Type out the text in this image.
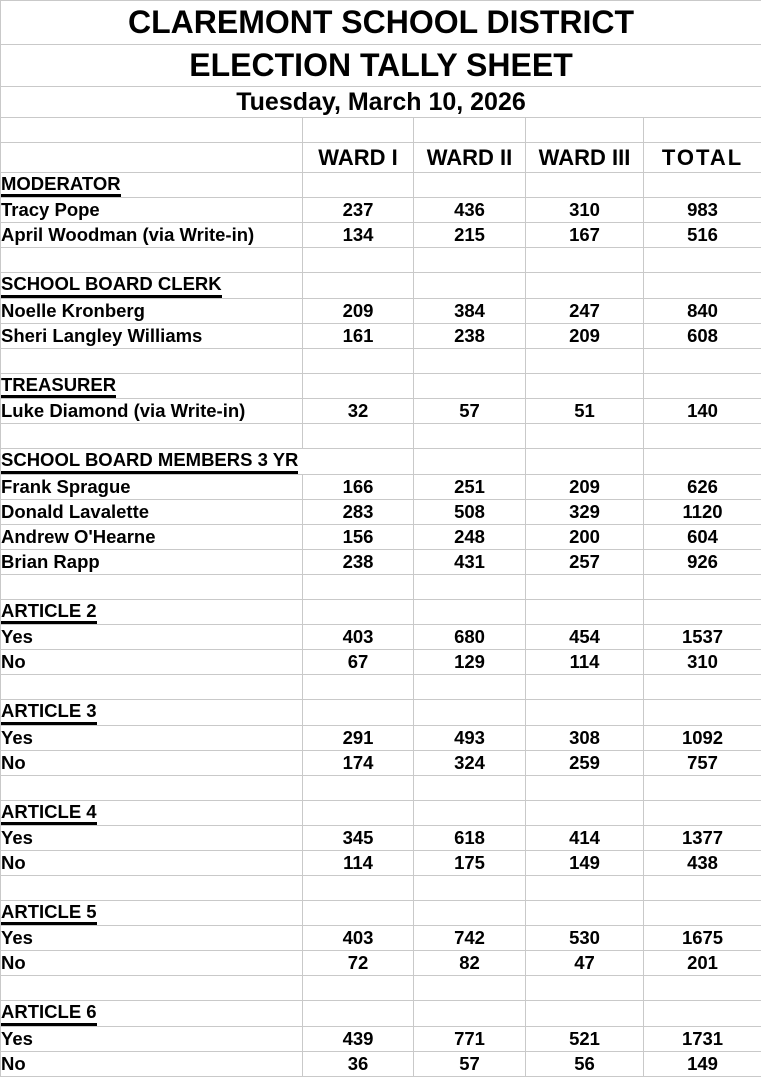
CLAREMONT SCHOOL DISTRICT				
ELECTION TALLY SHEET				
Tuesday, March 10, 2026				

	WARD I	WARD II	WARD III	TOTAL
MODERATOR				
Tracy Pope	237	436	310	983
April Woodman (via Write-in)	134	215	167	516

SCHOOL BOARD CLERK				
Noelle Kronberg	209	384	247	840
Sheri Langley Williams	161	238	209	608

TREASURER				
Luke Diamond (via Write-in)	32	57	51	140

SCHOOL BOARD MEMBERS 3 YR				
Frank Sprague	166	251	209	626
Donald Lavalette	283	508	329	1120
Andrew O'Hearne	156	248	200	604
Brian Rapp	238	431	257	926

ARTICLE 2				
Yes	403	680	454	1537
No	67	129	114	310

ARTICLE 3				
Yes	291	493	308	1092
No	174	324	259	757

ARTICLE 4				
Yes	345	618	414	1377
No	114	175	149	438

ARTICLE 5				
Yes	403	742	530	1675
No	72	82	47	201

ARTICLE 6				
Yes	439	771	521	1731
No	36	57	56	149
